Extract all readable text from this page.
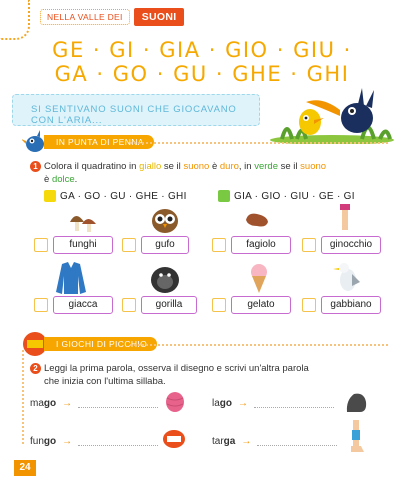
NELLA VALLE DEI	SUONI
GE · GI · GIA · GIO · GIU ·
GA · GO · GU · GHE · GHI
SI SENTIVANO SUONI CHE GIOCAVANO CON L'ARIA...
IN PUNTA DI PENNA
1 Colora il quadratino in giallo se il suono è duro, in verde se il suono
è dolce.
GA · GO · GU · GHE · GHI	GIA · GIO · GIU · GE · GI
funghi	gufo	fagiolo	ginocchio
giacca	gorilla	gelato	gabbiano
I GIOCHI DI PICCHIO
2 Leggi la prima parola, osserva il disegno e scrivi un'altra parola
che inizia con l'ultima sillaba.
ma go →	la go →
fun go →	tar ga →
24
